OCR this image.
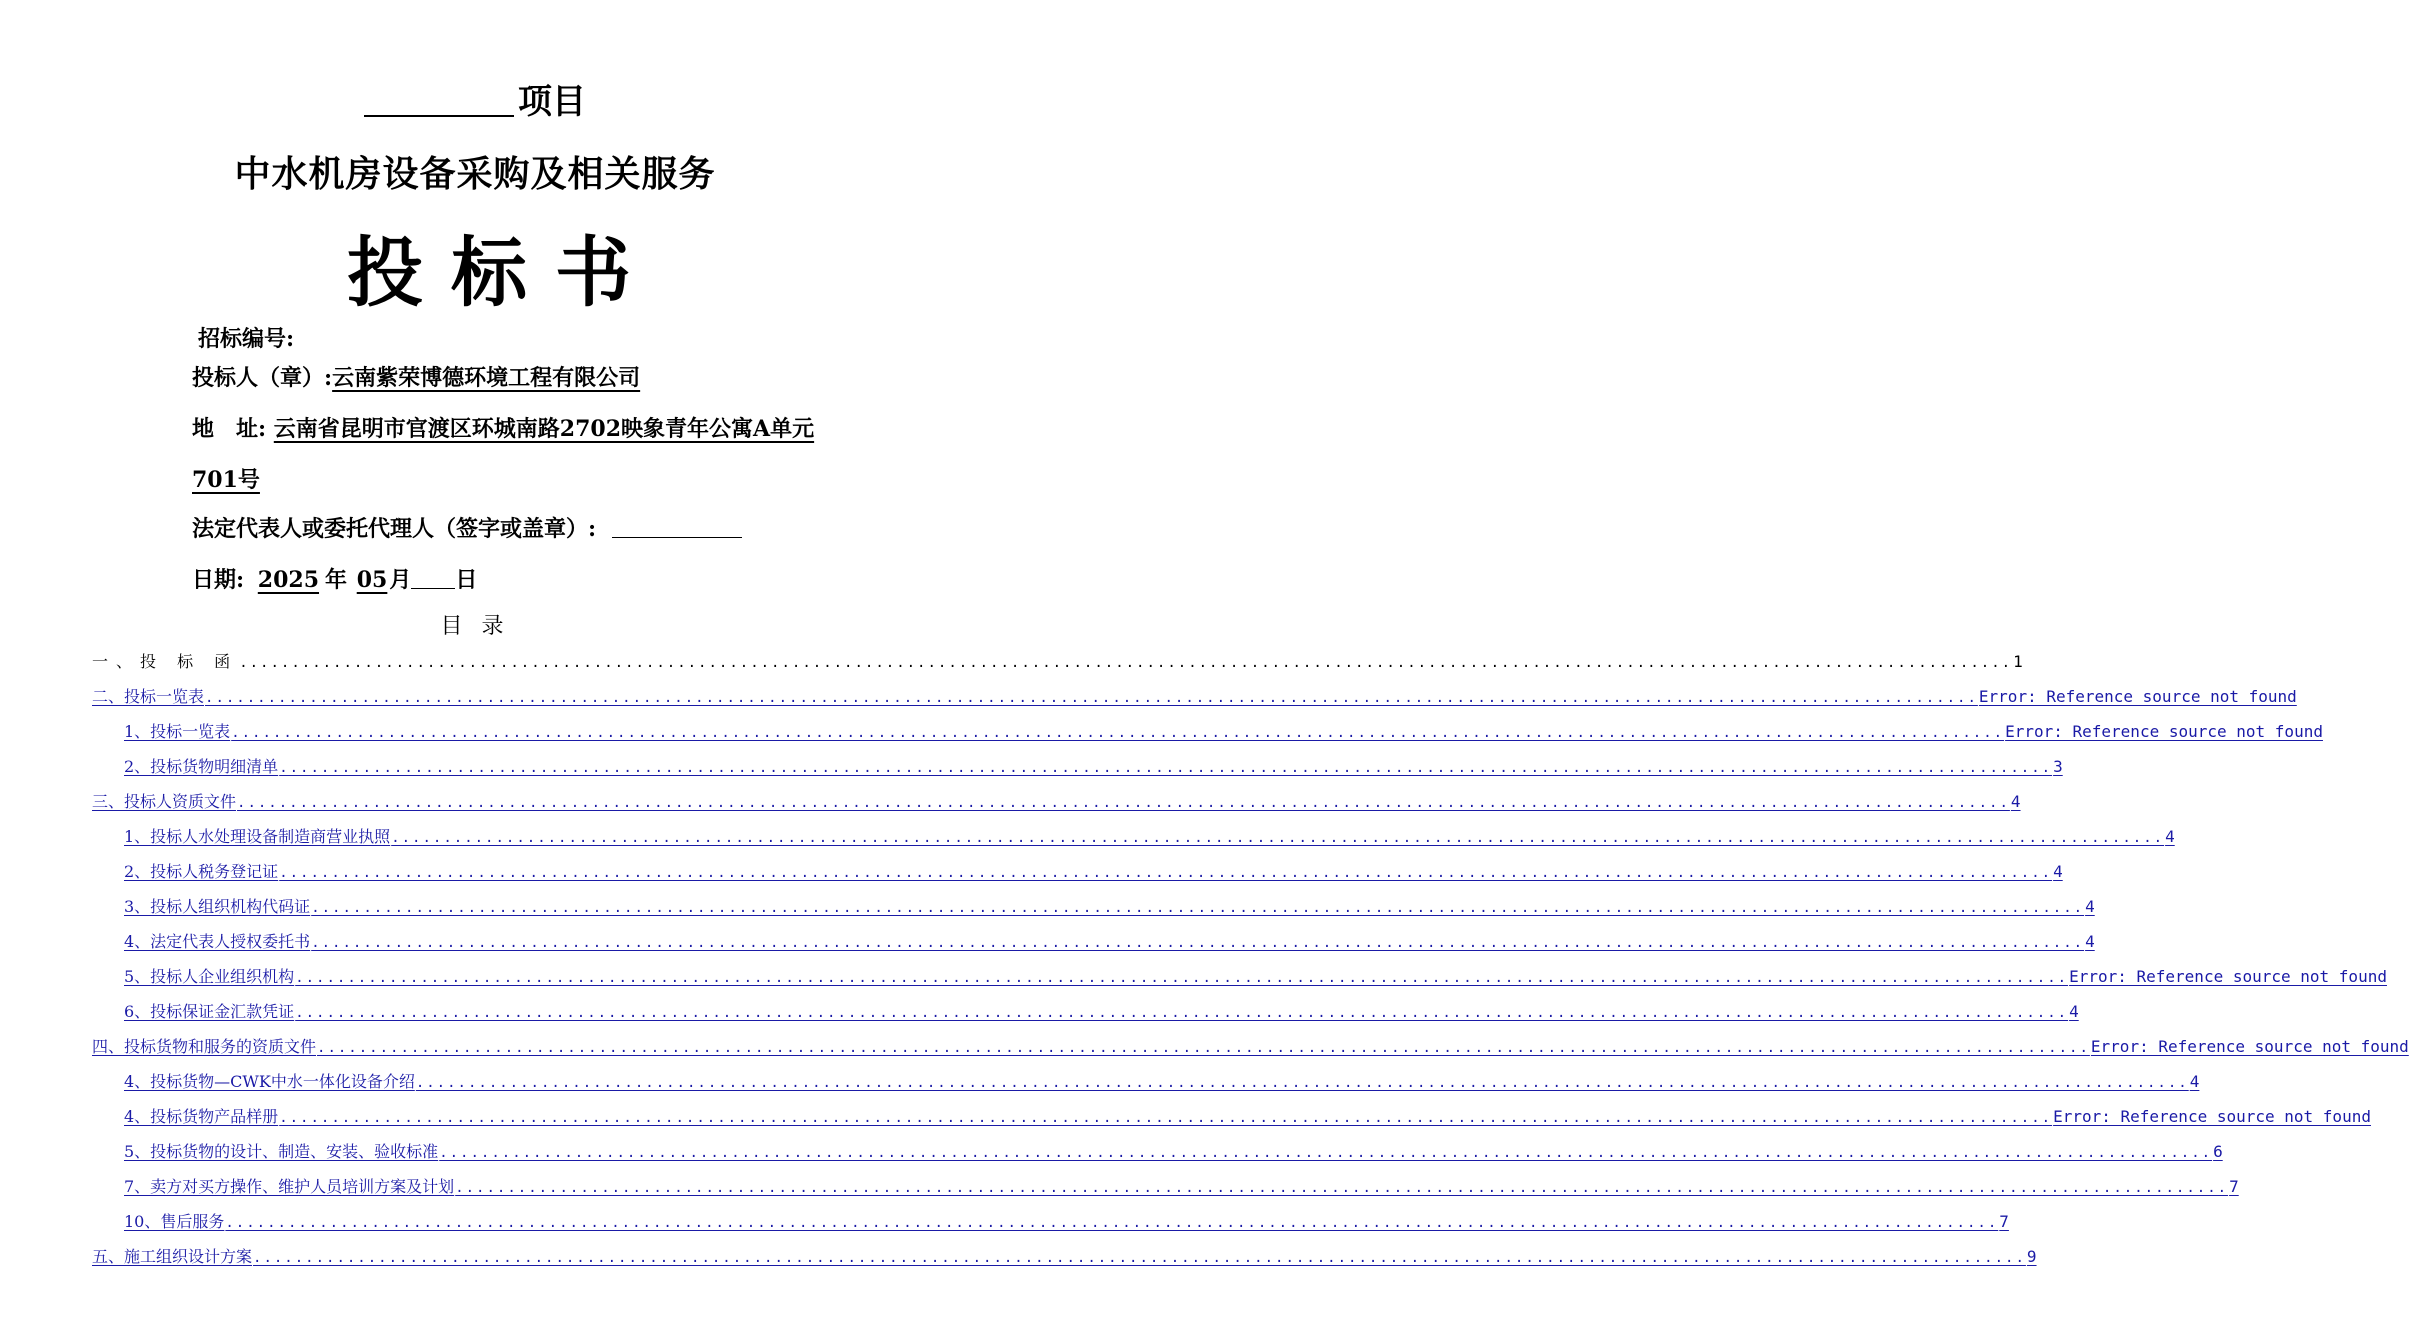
项目
中水机房设备采购及相关服务
投标书
招标编号:
投标人（章）:云南紫荣博德环境工程有限公司
地　址: 云南省昆明市官渡区环城南路2702映象青年公寓A单元
701号
法定代表人或委托代理人（签字或盖章）:
日期: 2025 年 05月 日
目 录
一、投 标 函 .......................................................................................................................................................................... 1
二、投标一览表 .......................................................................................................................................................................... Error: Reference source not found
1、投标一览表 .......................................................................................................................................................................... Error: Reference source not found
2、投标货物明细清单 .......................................................................................................................................................................... 3
三、投标人资质文件 .......................................................................................................................................................................... 4
1、投标人水处理设备制造商营业执照 .......................................................................................................................................................................... 4
2、投标人税务登记证 .......................................................................................................................................................................... 4
3、投标人组织机构代码证 .......................................................................................................................................................................... 4
4、法定代表人授权委托书 .......................................................................................................................................................................... 4
5、投标人企业组织机构 .......................................................................................................................................................................... Error: Reference source not found
6、投标保证金汇款凭证 .......................................................................................................................................................................... 4
四、投标货物和服务的资质文件 .......................................................................................................................................................................... Error: Reference source not found
4、投标货物—CWK中水一体化设备介绍 .......................................................................................................................................................................... 4
4、投标货物产品样册 .......................................................................................................................................................................... Error: Reference source not found
5、投标货物的设计、制造、安装、验收标准 .......................................................................................................................................................................... 6
7、卖方对买方操作、维护人员培训方案及计划 .......................................................................................................................................................................... 7
10、售后服务 .......................................................................................................................................................................... 7
五、施工组织设计方案 .......................................................................................................................................................................... 9
